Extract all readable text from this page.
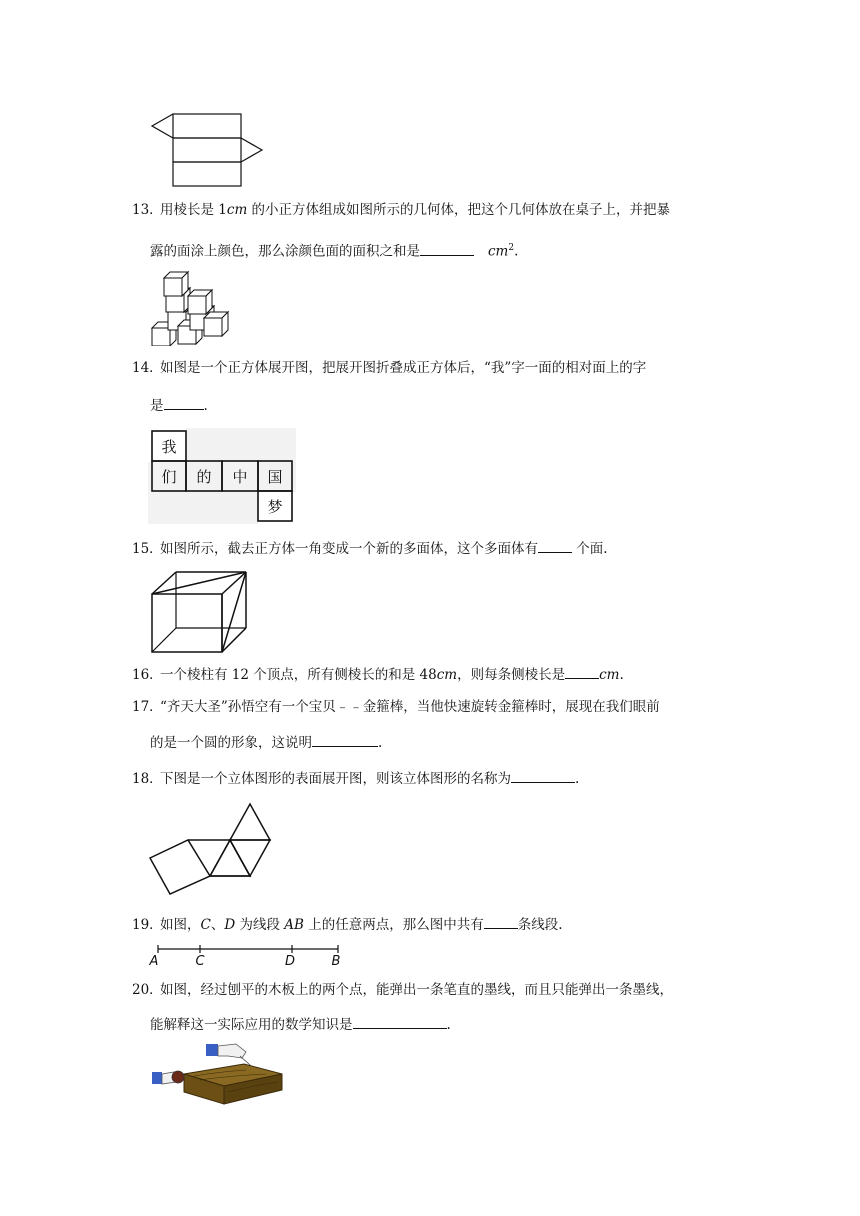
13．用棱长是 1cm 的小正方体组成如图所示的几何体，把这个几何体放在桌子上，并把暴
露的面涂上颜色，那么涂颜色面的面积之和是	$cm^2$.
14．如图是一个正方体展开图，把展开图折叠成正方体后，“我”字一面的相对面上的字
是	.
我
们 的 中 国
梦
15．如图所示，截去正方体一角变成一个新的多面体，这个多面体有	个面.
16．一个棱柱有 12 个顶点，所有侧棱长的和是 48cm，则每条侧棱长是	cm.
17．“齐天大圣”孙悟空有一个宝贝﹣﹣金箍棒，当他快速旋转金箍棒时，展现在我们眼前
的是一个圆的形象，这说明	.
18．下图是一个立体图形的表面展开图，则该立体图形的名称为	.
19．如图，C、D 为线段 AB 上的任意两点，那么图中共有	条线段.
A	C	D	B
20．如图，经过刨平的木板上的两个点，能弹出一条笔直的墨线，而且只能弹出一条墨线，
能解释这一实际应用的数学知识是	.
